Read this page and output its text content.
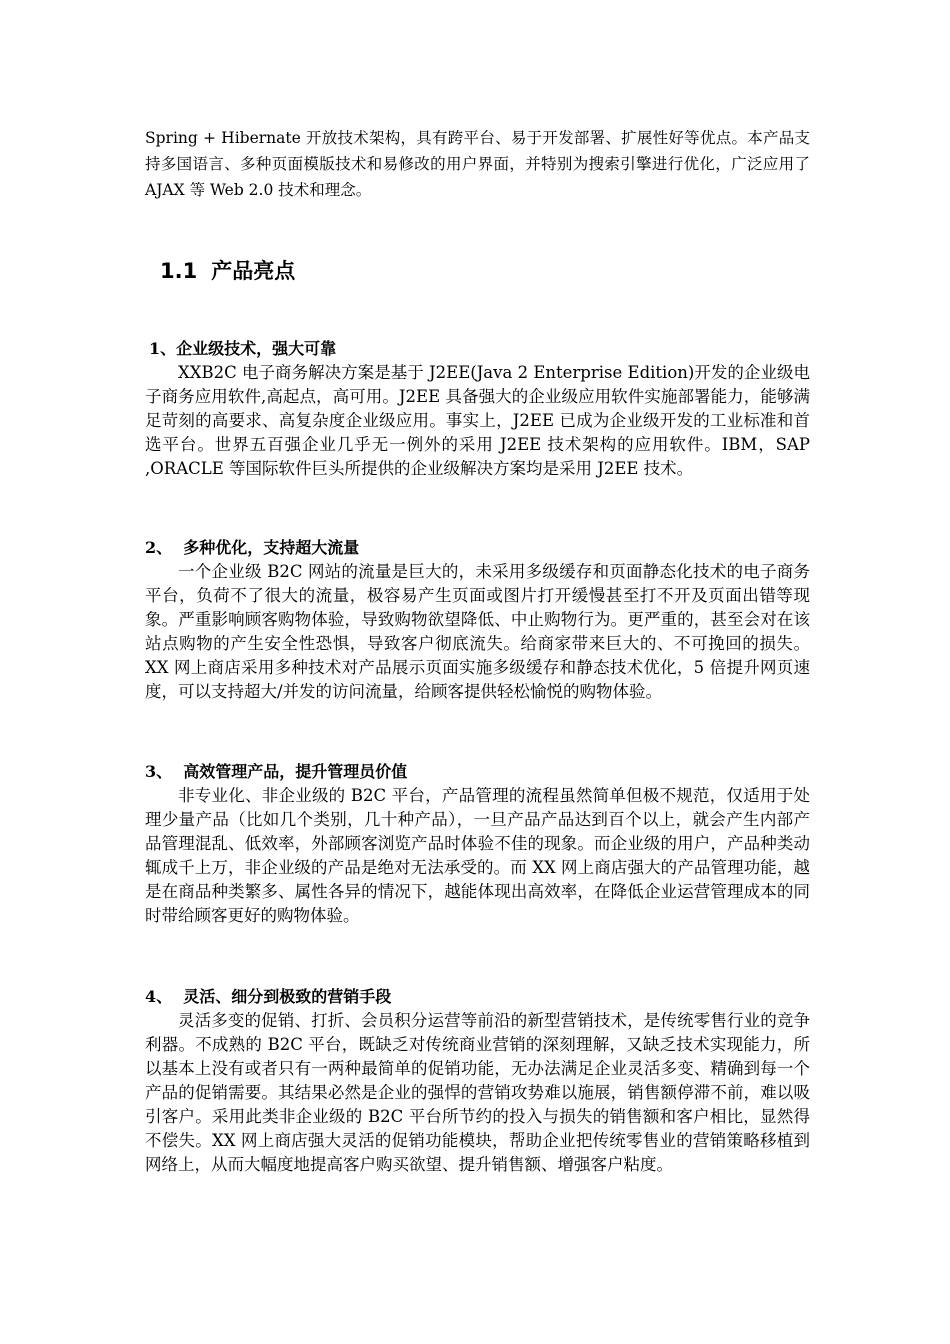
Spring + Hibernate 开放技术架构，具有跨平台、易于开发部署、扩展性好等优点。本产品支持多国语言、多种页面模版技术和易修改的用户界面，并特别为搜索引擎进行优化，广泛应用了 AJAX 等 Web 2.0 技术和理念。

1.1 产品亮点

1、企业级技术，强大可靠

XXB2C 电子商务解决方案是基于 J2EE(Java 2 Enterprise Edition)开发的企业级电子商务应用软件,高起点，高可用。J2EE 具备强大的企业级应用软件实施部署能力，能够满足苛刻的高要求、高复杂度企业级应用。事实上，J2EE 已成为企业级开发的工业标准和首选平台。世界五百强企业几乎无一例外的采用 J2EE 技术架构的应用软件。IBM，SAP ,ORACLE 等国际软件巨头所提供的企业级解决方案均是采用 J2EE 技术。

2、 多种优化，支持超大流量

一个企业级 B2C 网站的流量是巨大的，未采用多级缓存和页面静态化技术的电子商务平台，负荷不了很大的流量，极容易产生页面或图片打开缓慢甚至打不开及页面出错等现象。严重影响顾客购物体验，导致购物欲望降低、中止购物行为。更严重的，甚至会对在该站点购物的产生安全性恐惧，导致客户彻底流失。给商家带来巨大的、不可挽回的损失。XX 网上商店采用多种技术对产品展示页面实施多级缓存和静态技术优化，5 倍提升网页速度，可以支持超大/并发的访问流量，给顾客提供轻松愉悦的购物体验。

3、 高效管理产品，提升管理员价值

非专业化、非企业级的 B2C 平台，产品管理的流程虽然简单但极不规范，仅适用于处理少量产品（比如几个类别，几十种产品），一旦产品产品达到百个以上，就会产生内部产品管理混乱、低效率，外部顾客浏览产品时体验不佳的现象。而企业级的用户，产品种类动辄成千上万，非企业级的产品是绝对无法承受的。而 XX 网上商店强大的产品管理功能，越是在商品种类繁多、属性各异的情况下，越能体现出高效率，在降低企业运营管理成本的同时带给顾客更好的购物体验。

4、 灵活、细分到极致的营销手段

灵活多变的促销、打折、会员积分运营等前沿的新型营销技术，是传统零售行业的竞争利器。不成熟的 B2C 平台，既缺乏对传统商业营销的深刻理解，又缺乏技术实现能力，所以基本上没有或者只有一两种最简单的促销功能，无办法满足企业灵活多变、精确到每一个产品的促销需要。其结果必然是企业的强悍的营销攻势难以施展，销售额停滞不前，难以吸引客户。采用此类非企业级的 B2C 平台所节约的投入与损失的销售额和客户相比，显然得不偿失。XX 网上商店强大灵活的促销功能模块，帮助企业把传统零售业的营销策略移植到网络上，从而大幅度地提高客户购买欲望、提升销售额、增强客户粘度。
